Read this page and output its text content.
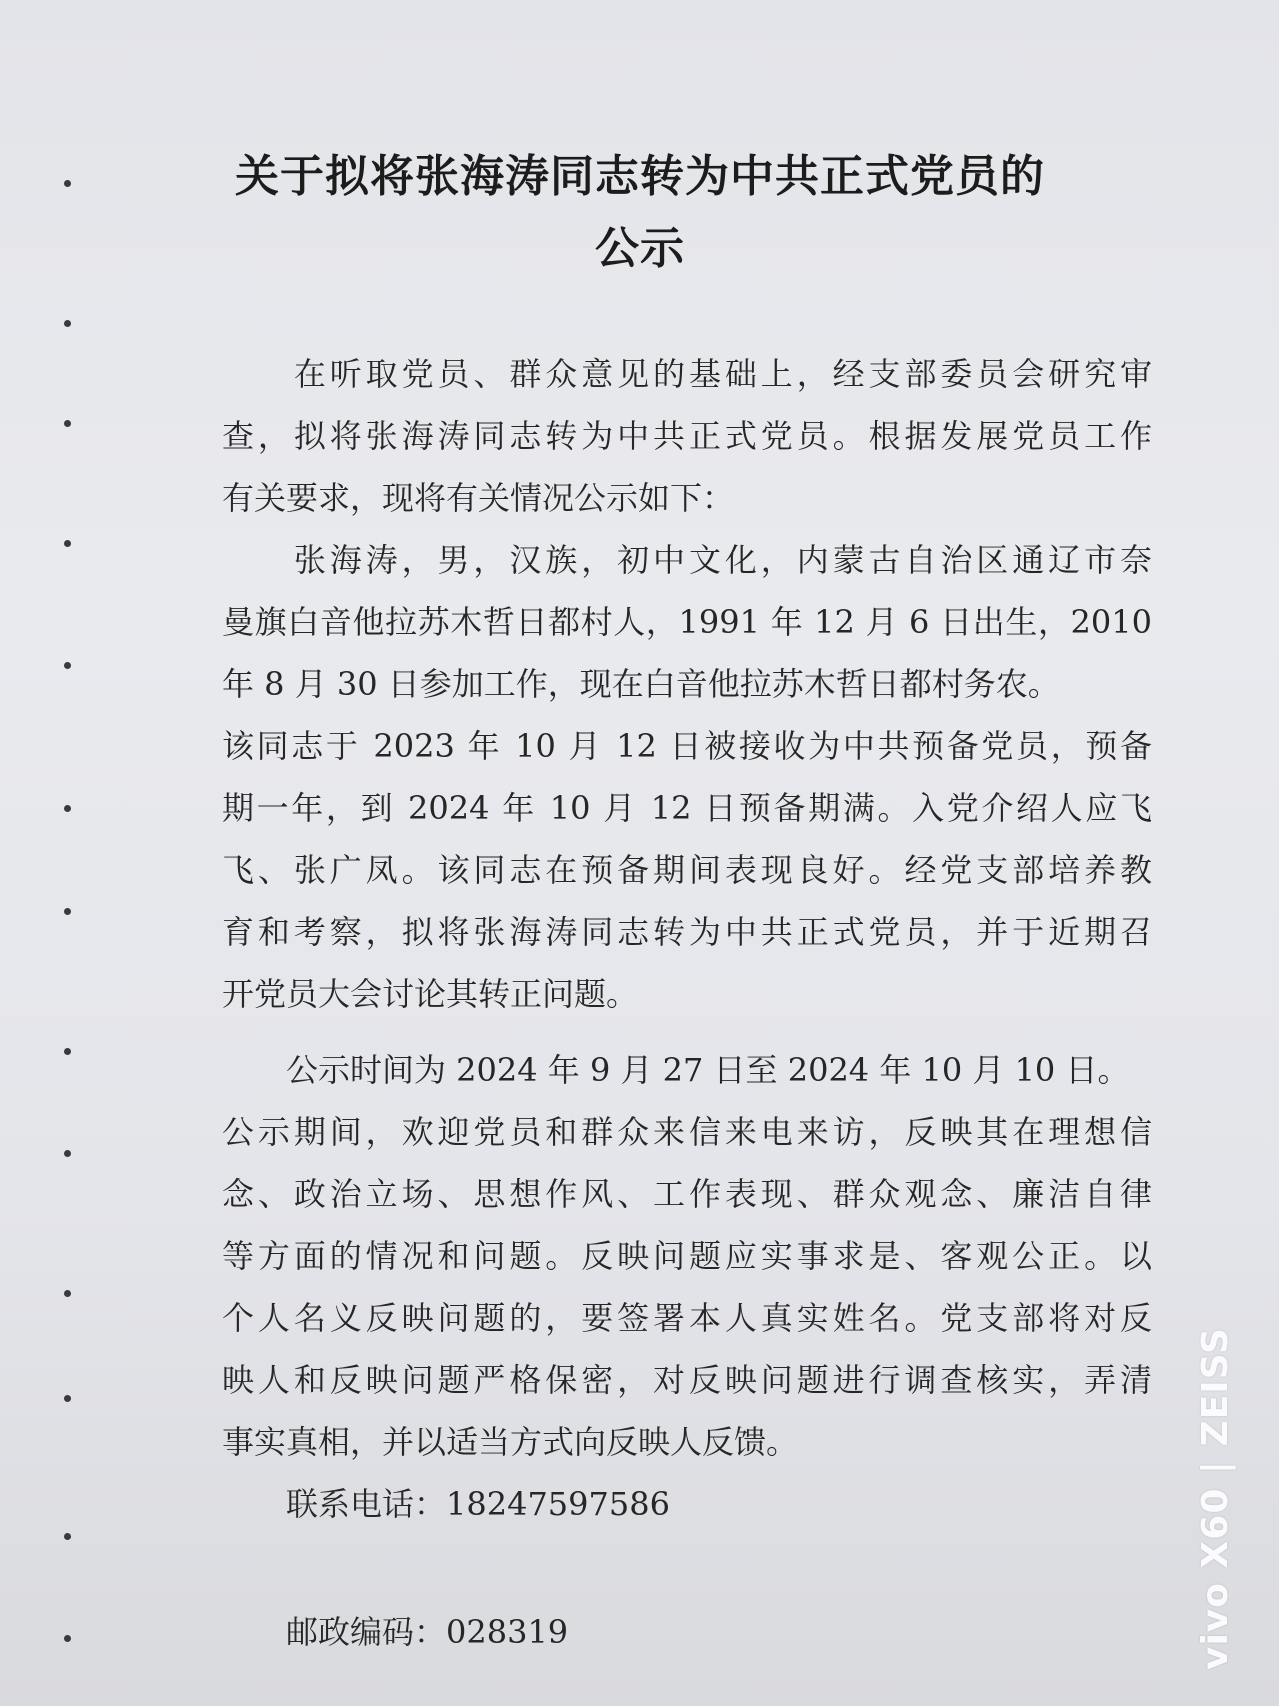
关于拟将张海涛同志转为中共正式党员的
公示
　　在听取党员、群众意见的基础上，经支部委员会研究审
查，拟将张海涛同志转为中共正式党员。根据发展党员工作
有关要求，现将有关情况公示如下：
　　张海涛，男，汉族，初中文化，内蒙古自治区通辽市奈
曼旗白音他拉苏木哲日都村人，1991 年 12 月 6 日出生，2010
年 8 月 30 日参加工作，现在白音他拉苏木哲日都村务农。
该同志于 2023 年 10 月 12 日被接收为中共预备党员，预备
期一年，到 2024 年 10 月 12 日预备期满。入党介绍人应飞
飞、张广凤。该同志在预备期间表现良好。经党支部培养教
育和考察，拟将张海涛同志转为中共正式党员，并于近期召
开党员大会讨论其转正问题。
　　公示时间为 2024 年 9 月 27 日至 2024 年 10 月 10 日。
公示期间，欢迎党员和群众来信来电来访，反映其在理想信
念、政治立场、思想作风、工作表现、群众观念、廉洁自律
等方面的情况和问题。反映问题应实事求是、客观公正。以
个人名义反映问题的，要签署本人真实姓名。党支部将对反
映人和反映问题严格保密，对反映问题进行调查核实，弄清
事实真相，并以适当方式向反映人反馈。
　　联系电话：18247597586
　　邮政编码：028319	vivo X60 | ZEISS
